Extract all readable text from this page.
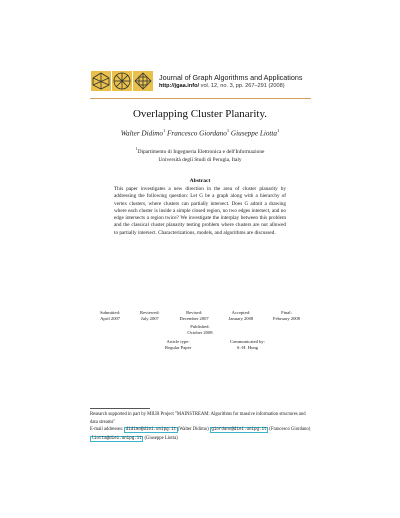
Journal of Graph Algorithms and Applications
http://jgaa.info/ vol. 12, no. 3, pp. 267–291 (2008)
Overlapping Cluster Planarity.
Walter Didimo$^1$ Francesco Giordano$^1$ Giuseppe Liotta$^1$
$^1$Dipartimento di Ingegneria Elettronica e dell'Informazione
Università degli Studi di Perugia, Italy
Abstract
This paper investigates a new direction in the area of cluster planarity by addressing the following question: Let G be a graph along with a hierarchy of vertex clusters, where clusters can partially intersect. Does G admit a drawing where each cluster is inside a simple closed region, no two edges intersect, and no edge intersects a region twice? We investigate the interplay between this problem and the classical cluster planarity testing problem where clusters are not allowed to partially intersect. Characterizations, models, and algorithms are discussed.
Submitted:
April 2007
Reviewed:
July 2007
Revised:
December 2007
Accepted:
January 2008
Final:
February 2008
Published:
October 2008
Article type:
Regular Paper
Communicated by:
S.-H. Hong
Research supported in part by MIUR Project "MAINSTREAM: Algorithms for massive information structures and data streams"
E-mail addresses: didimo@diei.unipg.it (Walter Didimo) giordano@diei.unipg.it (Francesco Giordano) liotta@diei.unipg.it (Giuseppe Liotta)
